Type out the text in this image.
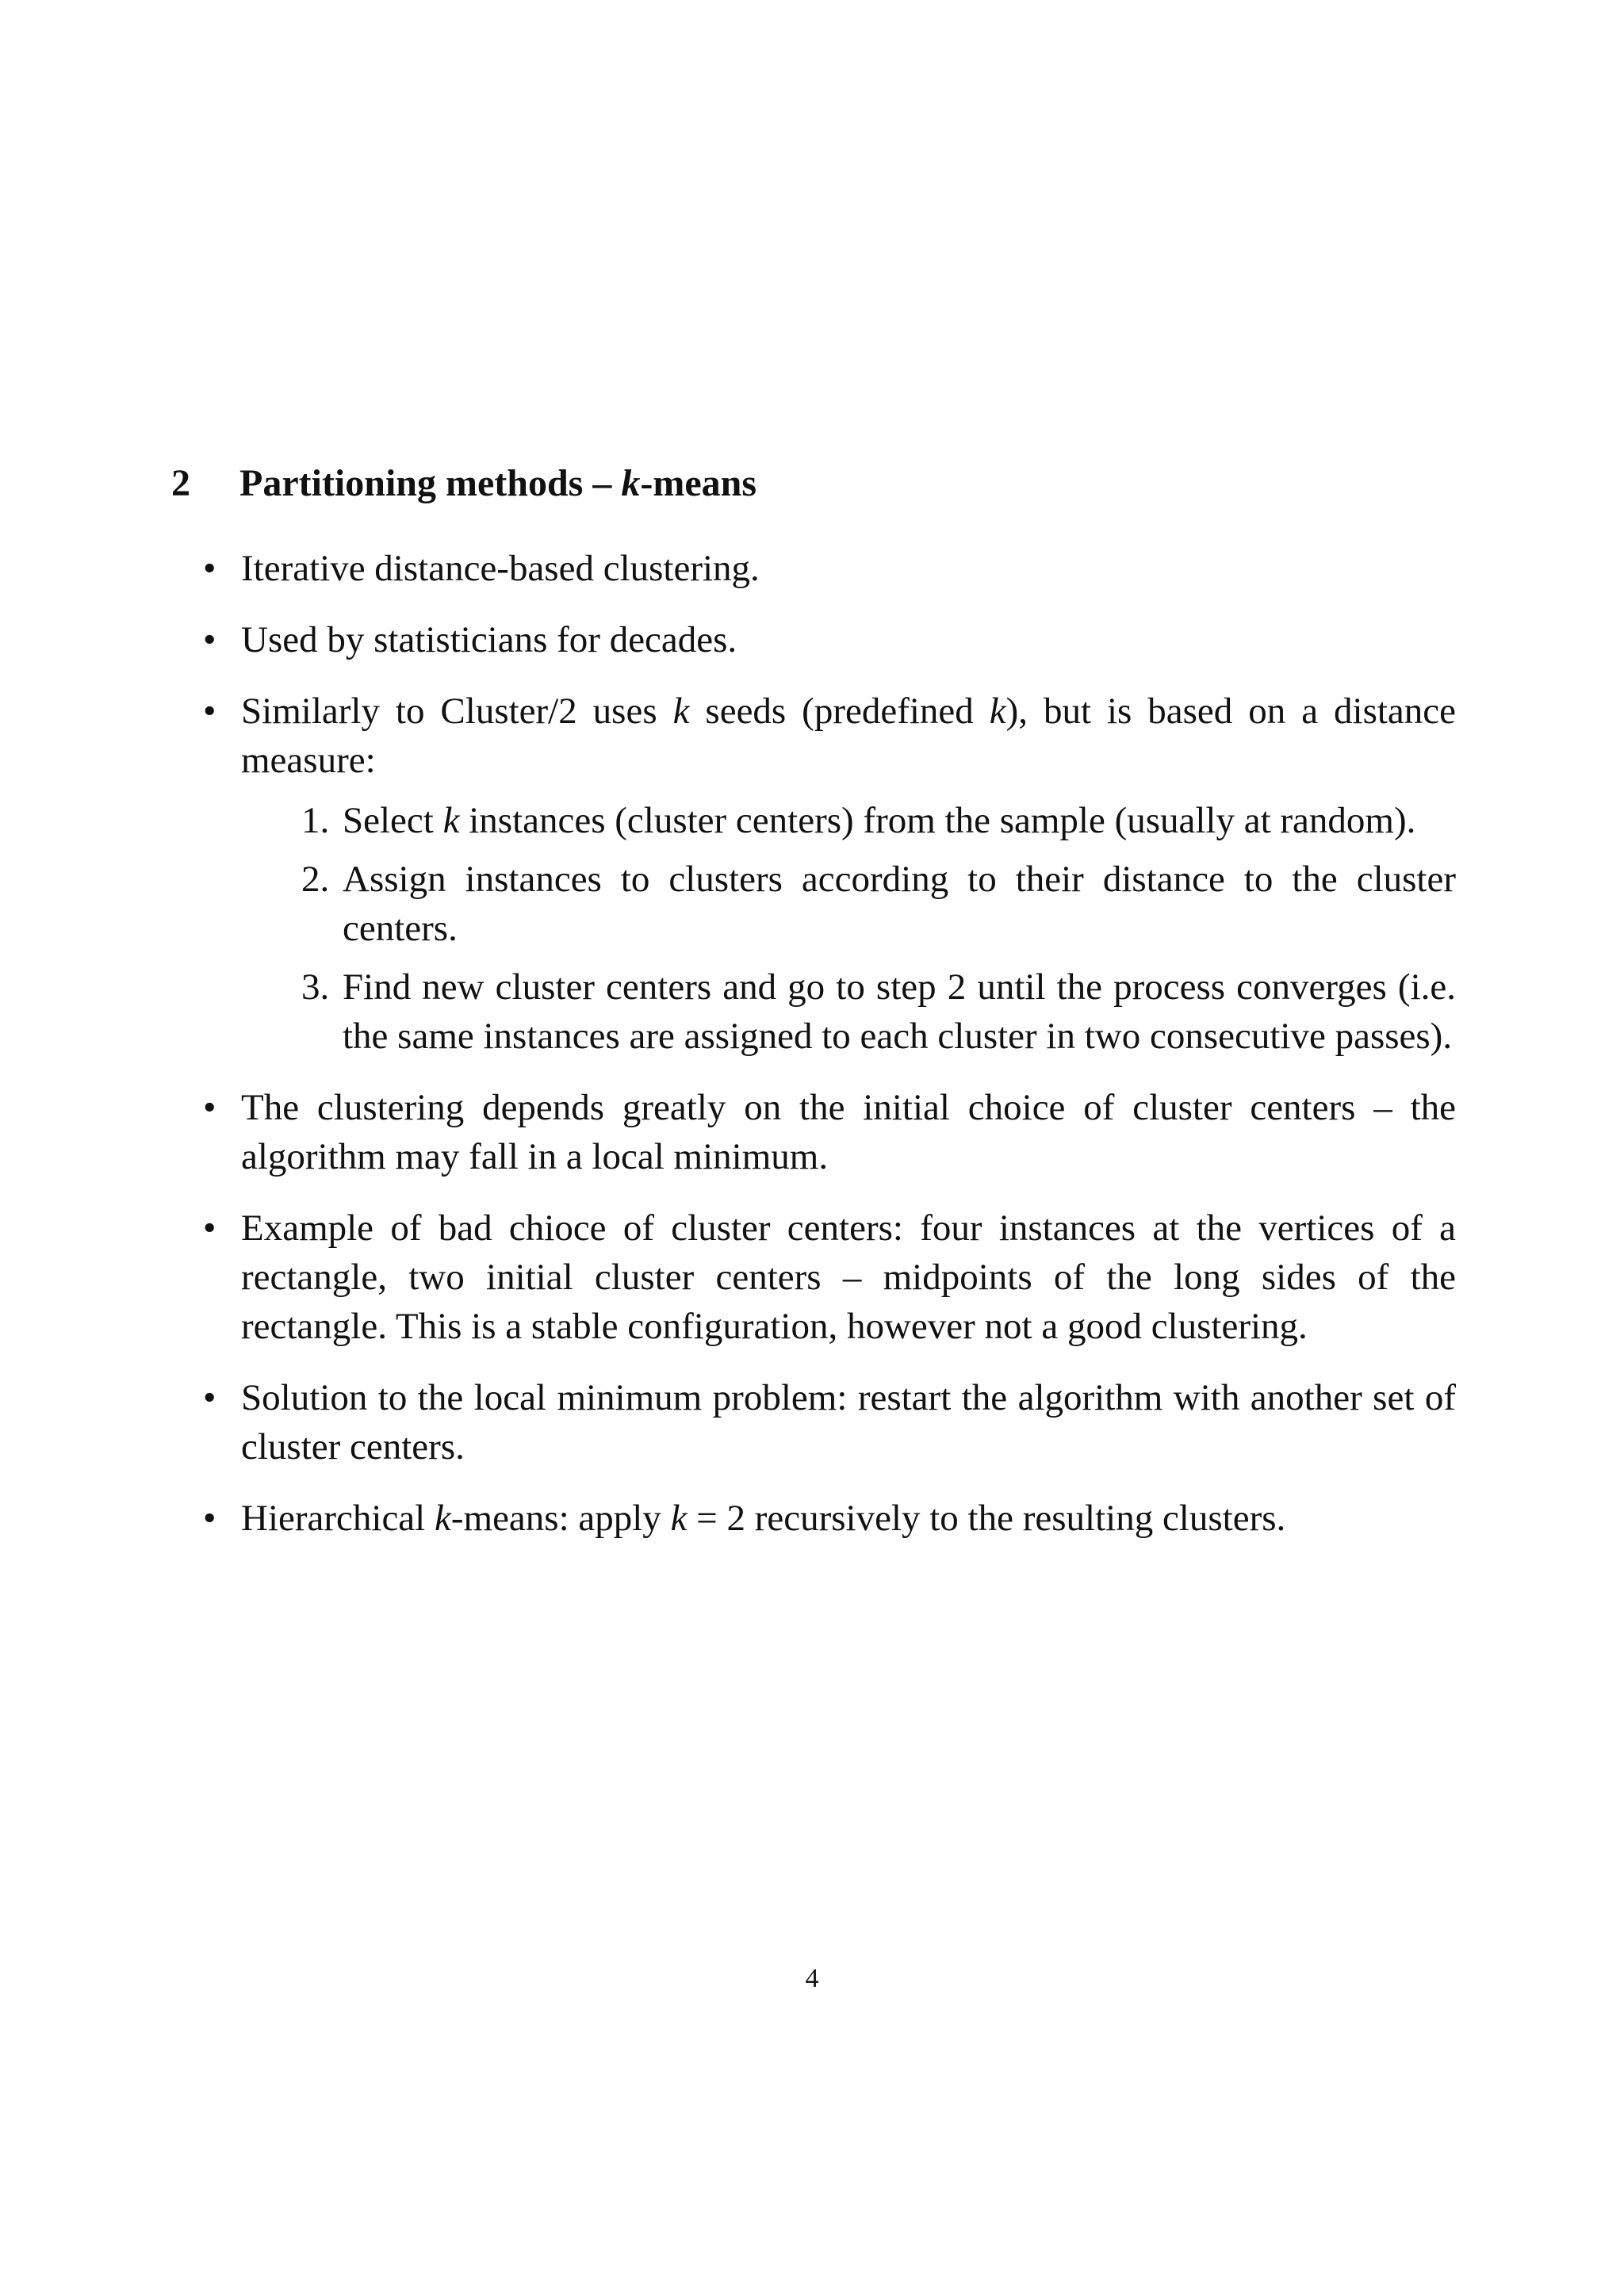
2 Partitioning methods – k-means
• Iterative distance-based clustering.
• Used by statisticians for decades.
• Similarly to Cluster/2 uses k seeds (predefined k), but is based on a distance measure:
1. Select k instances (cluster centers) from the sample (usually at random).
2. Assign instances to clusters according to their distance to the cluster centers.
3. Find new cluster centers and go to step 2 until the process converges (i.e. the same instances are assigned to each cluster in two consecutive passes).
• The clustering depends greatly on the initial choice of cluster centers – the algorithm may fall in a local minimum.
• Example of bad chioce of cluster centers: four instances at the vertices of a rectangle, two initial cluster centers – midpoints of the long sides of the rectangle. This is a stable configuration, however not a good clustering.
• Solution to the local minimum problem: restart the algorithm with another set of cluster centers.
• Hierarchical k-means: apply k = 2 recursively to the resulting clusters.
4
